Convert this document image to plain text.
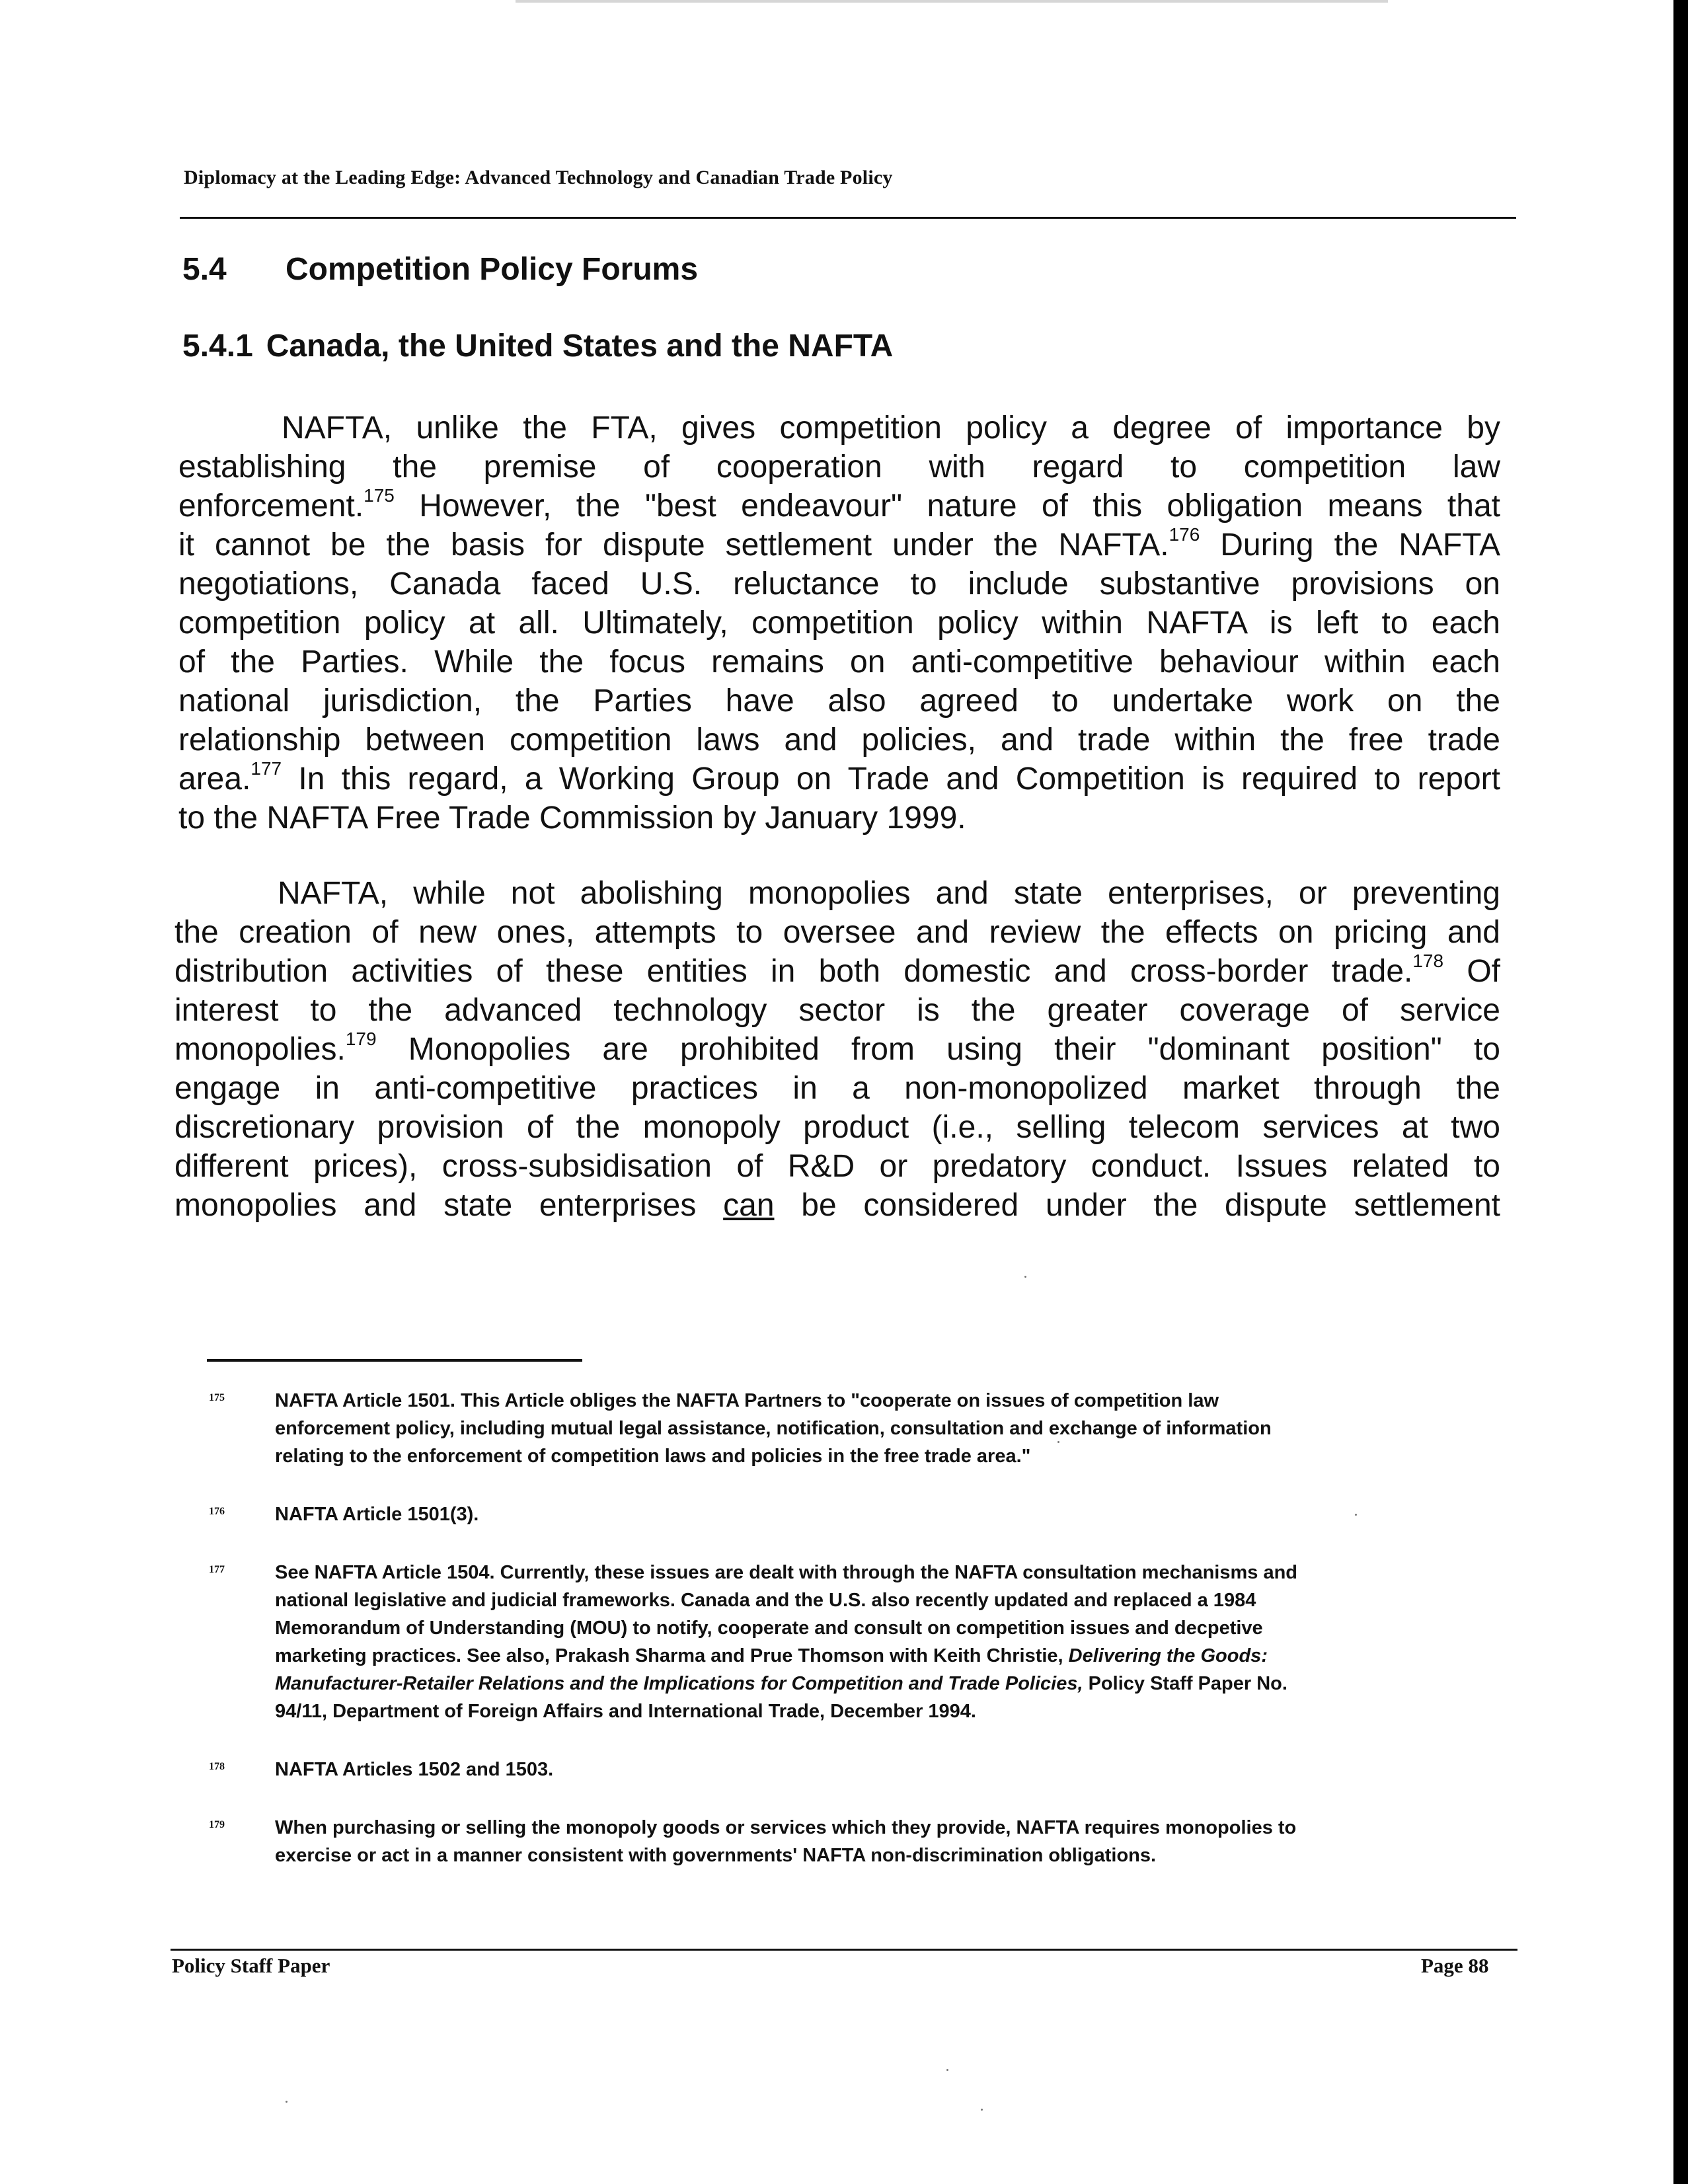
Diplomacy at the Leading Edge: Advanced Technology and Canadian Trade Policy
5.4 Competition Policy Forums
5.4.1 Canada, the United States and the NAFTA
NAFTA, unlike the FTA, gives competition policy a degree of importance by
establishing the premise of cooperation with regard to competition law
enforcement.$^{175}$ However, the "best endeavour" nature of this obligation means that
it cannot be the basis for dispute settlement under the NAFTA.$^{176}$ During the NAFTA
negotiations, Canada faced U.S. reluctance to include substantive provisions on
competition policy at all. Ultimately, competition policy within NAFTA is left to each
of the Parties. While the focus remains on anti-competitive behaviour within each
national jurisdiction, the Parties have also agreed to undertake work on the
relationship between competition laws and policies, and trade within the free trade
area.$^{177}$ In this regard, a Working Group on Trade and Competition is required to report
to the NAFTA Free Trade Commission by January 1999.
NAFTA, while not abolishing monopolies and state enterprises, or preventing
the creation of new ones, attempts to oversee and review the effects on pricing and
distribution activities of these entities in both domestic and cross-border trade.$^{178}$ Of
interest to the advanced technology sector is the greater coverage of service
monopolies.$^{179}$ Monopolies are prohibited from using their "dominant position" to
engage in anti-competitive practices in a non-monopolized market through the
discretionary provision of the monopoly product (i.e., selling telecom services at two
different prices), cross-subsidisation of R&D or predatory conduct. Issues related to
monopolies and state enterprises can be considered under the dispute settlement
175	NAFTA Article 1501. This Article obliges the NAFTA Partners to "cooperate on issues of competition law
enforcement policy, including mutual legal assistance, notification, consultation and exchange of information
relating to the enforcement of competition laws and policies in the free trade area."
176	NAFTA Article 1501(3).
177	See NAFTA Article 1504. Currently, these issues are dealt with through the NAFTA consultation mechanisms and
national legislative and judicial frameworks. Canada and the U.S. also recently updated and replaced a 1984
Memorandum of Understanding (MOU) to notify, cooperate and consult on competition issues and decpetive
marketing practices. See also, Prakash Sharma and Prue Thomson with Keith Christie, Delivering the Goods:
Manufacturer-Retailer Relations and the Implications for Competition and Trade Policies, Policy Staff Paper No.
94/11, Department of Foreign Affairs and International Trade, December 1994.
178	NAFTA Articles 1502 and 1503.
179	When purchasing or selling the monopoly goods or services which they provide, NAFTA requires monopolies to
exercise or act in a manner consistent with governments' NAFTA non-discrimination obligations.
Policy Staff Paper	Page 88
